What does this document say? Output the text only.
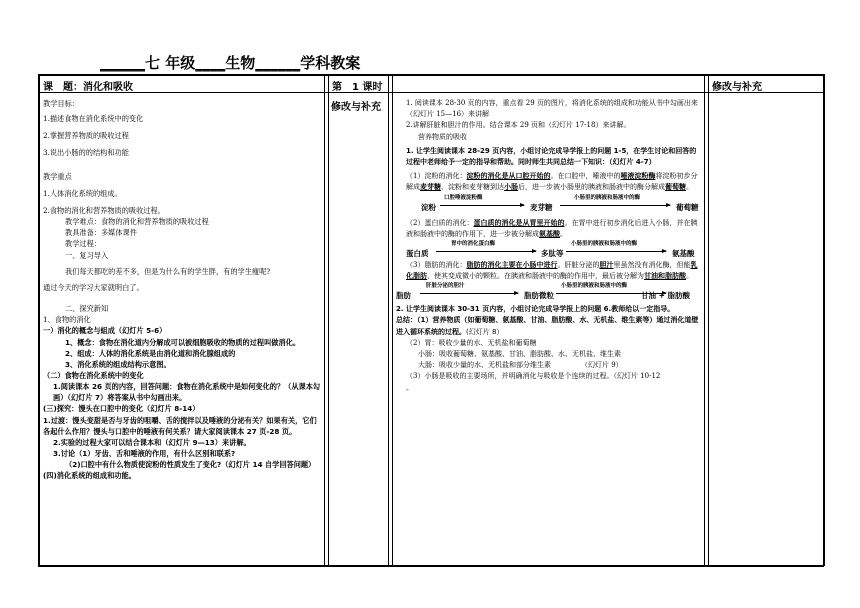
______七 年级____生物______学科教案
课　题：消化和吸收	第　1 课时	修改与补充

教学目标：

1.描述食物在消化系统中的变化

2.掌握营养物质的吸收过程

3.说出小肠的的结构和功能

教学重点

1.人体消化系统的组成。

2.食物的消化和营养物质的吸收过程。

教学难点：食物的消化和营养物质的吸收过程

教具准备：多媒体课件

教学过程：

一、复习导入

我们每天都吃的差不多，但是为什么有的学生胖，有的学生瘦呢?

通过今天的学习大家就明白了。

二、探究新知

1、食物的消化

一）消化的概念与組成（幻灯片 5-6）

1、概念：食物在消化道内分解成可以被细胞吸收的物质的过程叫做消化。

2、组成：人体的消化系统是由消化道和消化腺组成的

3、消化系统的组成结构示意图。

（二）食物在消化系统中的变化

1.阅读课本 26 页的内容，回答问题：食物在消化系统中是如何变化的？（从课本勾画）（幻灯片 7）将答案从书中勾画出来。

(三)探究：馒头在口腔中的变化（幻灯片 8-14）

1.过渡：馒头变甜是否与牙齿的咀嚼、舌的搅拌以及唾液的分泌有关？如果有关，它们各起什么作用？馒头与口腔中的唾液有何关系？请大家阅读课本 27 页-28 页。

2.实验的过程大家可以结合课本和（幻灯片 9—13）来讲解。

3.讨论（1）牙齿、舌和唾液的作用，有什么区别和联系?

（2)口腔中有什么物质使淀粉的性质发生了变化?（幻灯片 14 自学回答问题）

(四)消化系统的组成和功能。

修改与补充	1. 阅读课本 28-30 页的内容，重点看 29 页的图片，将消化系统的组成和功能从书中勾画出来（幻灯片 15—16）来讲解

2.讲解肝脏和胆汁的作用。结合课本 29 页和（幻灯片 17-18）来讲解。

营养物质的吸收

1. 让学生阅读课本 28-29 页内容，小组讨论完成导学报上的问题 1-5，在学生讨论和回答的过程中老师给予一定的指导和帮助。同时师生共同总结一下知识：（幻灯片 4-7）

（1）淀粉的消化：淀粉的消化是从口腔开始的。在口腔中，唾液中的唾液淀粉酶将淀粉初步分解成麦芽糖，淀粉和麦芽糖到达小肠后，进一步被小肠里的胰液和肠液中的酶分解成葡萄糖。

淀粉
口腔唾液淀粉酶
麦芽糖
小肠里的胰液和肠液中的酶
葡萄糖

（2）蛋白质的消化：蛋白质的消化是从胃里开始的。在胃中进行初步消化后进入小肠，并在胰液和肠液中的酶的作用下，进一步被分解成氨基酸。

蛋白质
胃中的消化蛋白酶
多肽等
小肠里的胰液和肠液中的酶
氨基酸

（3）脂肪的消化：脂肪的消化主要在小肠中进行。肝脏分泌的胆汁里虽然没有消化酶，但能乳化脂肪，使其变成微小的颗粒。在胰液和肠液中的酶的作用中，最后被分解为甘油和脂肪酸。

脂肪
肝脏分泌的胆汁
脂肪微粒
小肠里的胰液和肠液中的酶
甘油 + 脂肪酸

2. 让学生阅读课本 30-31 页内容，小组讨论完成导学报上的问题 6.教师给以一定指导。

总结：（1）营养物质（如葡萄糖、氨基酸、甘油、脂肪酸、水、无机盐、维生素等）通过消化道壁进入循环系统的过程。(幻灯片 8）

（2）胃：吸收少量的水、无机盐和葡萄糖

小肠：吸收葡萄糖、氨基酸、甘油、脂肪酸、水、无机盐、维生素

大肠：吸收少量的水、无机盐和部分维生素	（幻灯片 9）

（3）小肠是吸收的主要场所，并明确消化与吸收是个连续的过程。（幻灯片 10-12

。
